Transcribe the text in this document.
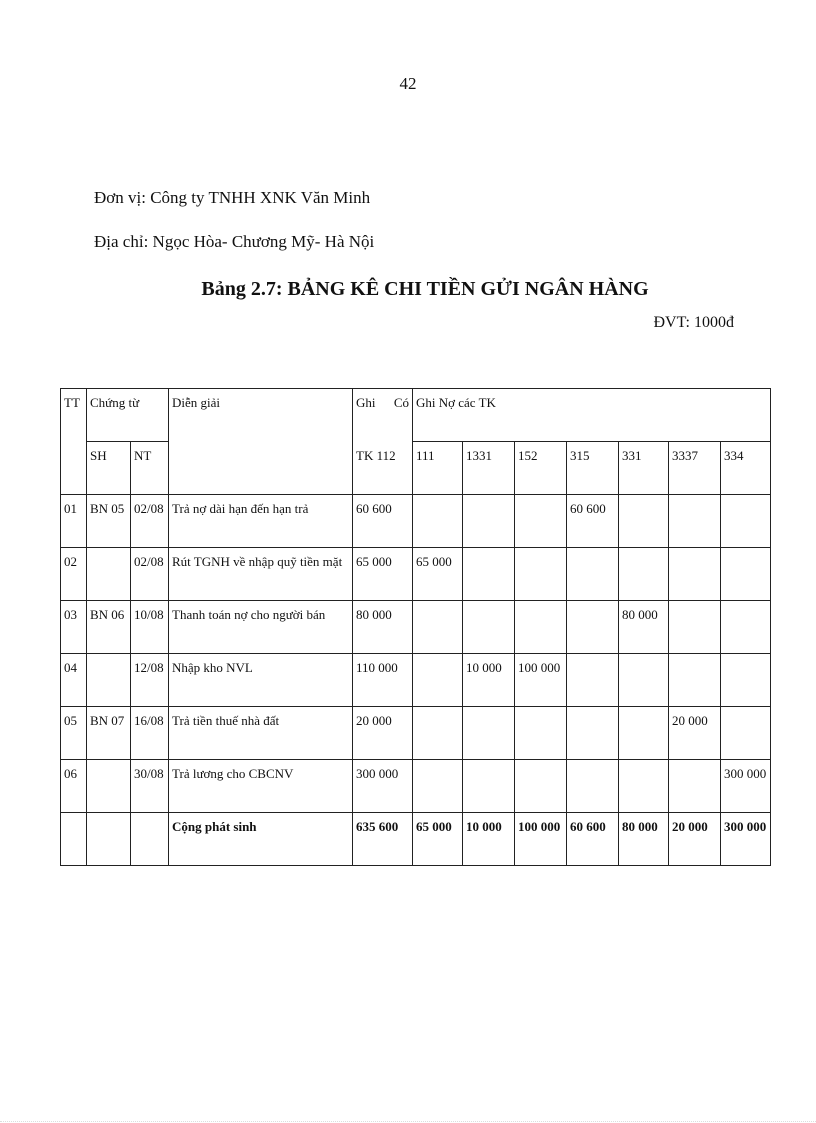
42
Đơn vị: Công ty TNHH XNK Văn Minh
Địa chỉ: Ngọc Hòa- Chương Mỹ- Hà Nội
Bảng 2.7: BẢNG KÊ CHI TIỀN GỬI NGÂN HÀNG
ĐVT: 1000đ
TT	Chứng từ		Diễn giải	Ghi Có	Ghi Nợ các TK						
	SH	NT		TK 112	111	1331	152	315	331	3337	334
01	BN 05	02/08	Trả nợ dài hạn đến hạn trả	60 600				60 600			
02		02/08	Rút TGNH về nhập quỹ tiền mặt	65 000	65 000						
03	BN 06	10/08	Thanh toán nợ cho người bán	80 000					80 000		
04		12/08	Nhập kho NVL	110 000		10 000	100 000				
05	BN 07	16/08	Trả tiền thuế nhà đất	20 000						20 000	
06		30/08	Trả lương cho CBCNV	300 000							300 000
			Cộng phát sinh	635 600	65 000	10 000	100 000	60 600	80 000	20 000	300 000
